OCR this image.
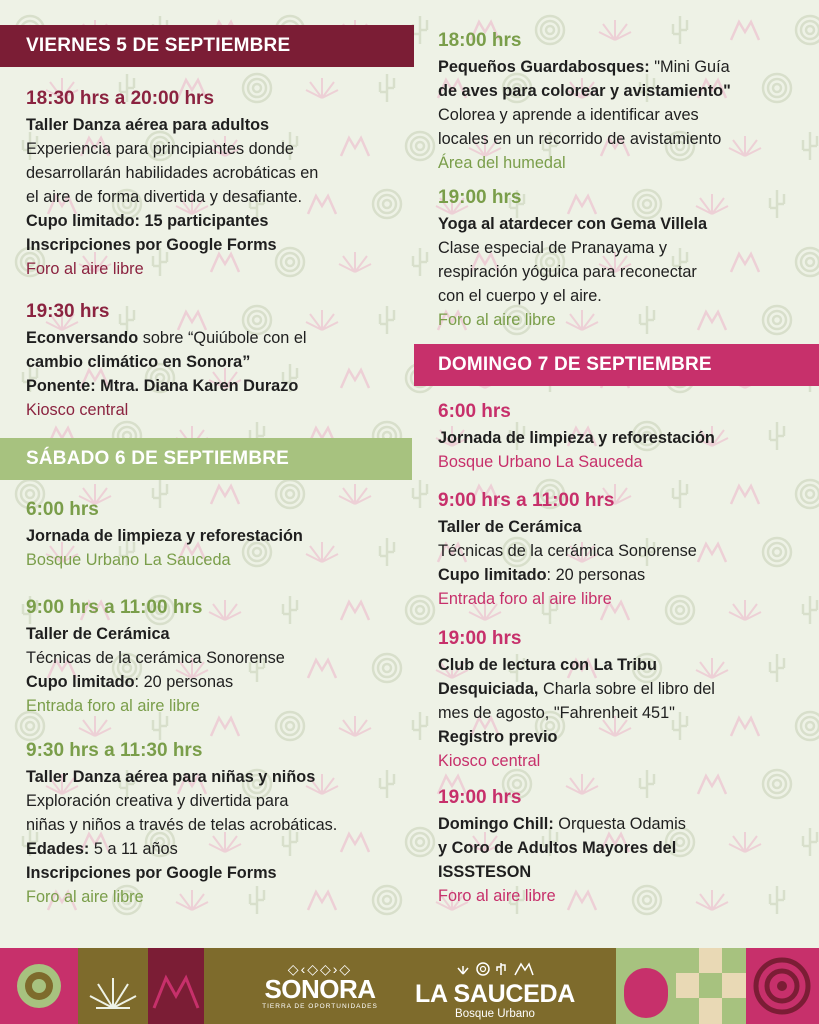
VIERNES 5 DE SEPTIEMBRE
SÁBADO 6 DE SEPTIEMBRE
DOMINGO 7 DE SEPTIEMBRE
18:30 hrs a 20:00 hrs
Taller Danza aérea para adultos
Experiencia para principiantes donde
desarrollarán habilidades acrobáticas en
el aire de forma divertida y desafiante.
Cupo limitado: 15 participantes
Inscripciones por Google Forms
Foro al aire libre
19:30 hrs
Econversando sobre “Quiúbole con el
cambio climático en Sonora”
Ponente: Mtra. Diana Karen Durazo
Kiosco central
6:00 hrs
Jornada de limpieza y reforestación
Bosque Urbano La Sauceda
9:00 hrs a 11:00 hrs
Taller de Cerámica
Técnicas de la cerámica Sonorense
Cupo limitado: 20 personas
Entrada foro al aire libre
9:30 hrs a 11:30 hrs
Taller Danza aérea para niñas y niños
Exploración creativa y divertida para
niñas y niños a través de telas acrobáticas.
Edades: 5 a 11 años
Inscripciones por Google Forms
Foro al aire libre
18:00 hrs
Pequeños Guardabosques: "Mini Guía
de aves para colorear y avistamiento"
Colorea y aprende a identificar aves
locales en un recorrido de avistamiento
Área del humedal
19:00 hrs
Yoga al atardecer con Gema Villela
Clase especial de Pranayama y
respiración yóguica para reconectar
con el cuerpo y el aire.
Foro al aire libre
6:00 hrs
Jornada de limpieza y reforestación
Bosque Urbano La Sauceda
9:00 hrs a 11:00 hrs
Taller de Cerámica
Técnicas de la cerámica Sonorense
Cupo limitado: 20 personas
Entrada foro al aire libre
19:00 hrs
Club de lectura con La Tribu
Desquiciada, Charla sobre el libro del
mes de agosto, "Fahrenheit 451"
Registro previo
Kiosco central
19:00 hrs
Domingo Chill: Orquesta Odamis
y Coro de Adultos Mayores del
ISSSTESON
Foro al aire libre
◇‹◇◇›◇
SONORA
TIERRA DE OPORTUNIDADES	LA SAUCEDA
Bosque Urbano
